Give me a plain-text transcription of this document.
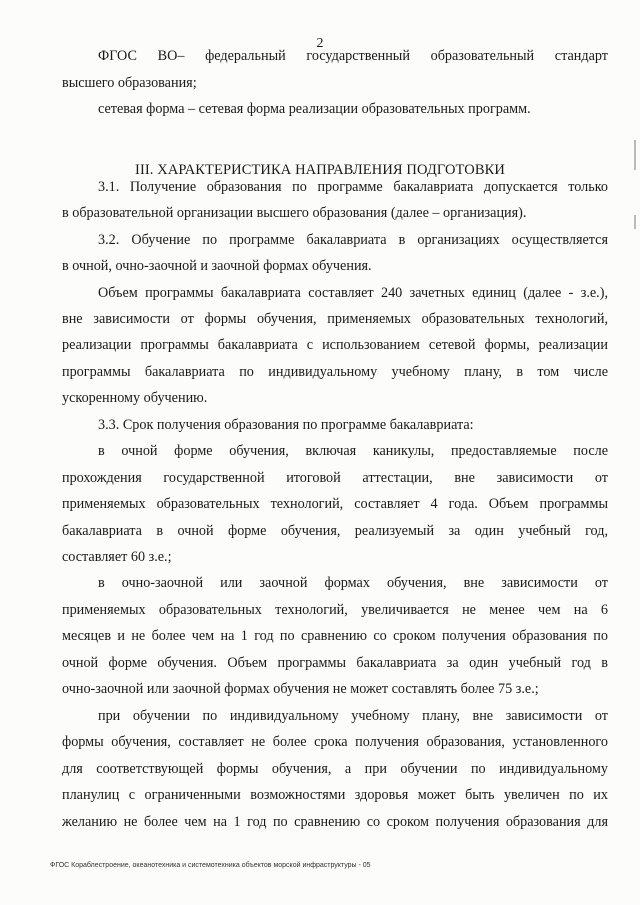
2
III. ХАРАКТЕРИСТИКА НАПРАВЛЕНИЯ ПОДГОТОВКИ
ФГОС ВО– федеральный государственный образовательный стандарт
высшего образования;
сетевая форма – сетевая форма реализации образовательных программ.
3.1. Получение образования по программе бакалавриата допускается только
в образовательной организации высшего образования (далее – организация).
3.2. Обучение по программе бакалавриата в организациях осуществляется
в очной, очно-заочной и заочной формах обучения.
Объем программы бакалавриата составляет 240 зачетных единиц (далее - з.е.),
вне зависимости от формы обучения, применяемых образовательных технологий,
реализации программы бакалавриата с использованием сетевой формы, реализации
программы бакалавриата по индивидуальному учебному плану, в том числе
ускоренному обучению.
3.3. Срок получения образования по программе бакалавриата:
в очной форме обучения, включая каникулы, предоставляемые после
прохождения государственной итоговой аттестации, вне зависимости от
применяемых образовательных технологий, составляет 4 года. Объем программы
бакалавриата в очной форме обучения, реализуемый за один учебный год,
составляет 60 з.е.;
в очно-заочной или заочной формах обучения, вне зависимости от
применяемых образовательных технологий, увеличивается не менее чем на 6
месяцев и не более чем на 1 год по сравнению со сроком получения образования по
очной форме обучения. Объем программы бакалавриата за один учебный год в
очно-заочной или заочной формах обучения не может составлять более 75 з.е.;
при обучении по индивидуальному учебному плану, вне зависимости от
формы обучения, составляет не более срока получения образования, установленного
для соответствующей формы обучения, а при обучении по индивидуальному
планулиц с ограниченными возможностями здоровья может быть увеличен по их
желанию не более чем на 1 год по сравнению со сроком получения образования для
ФГОС Кораблестроение, океанотехника и системотехника объектов морской инфраструктуры - 05
